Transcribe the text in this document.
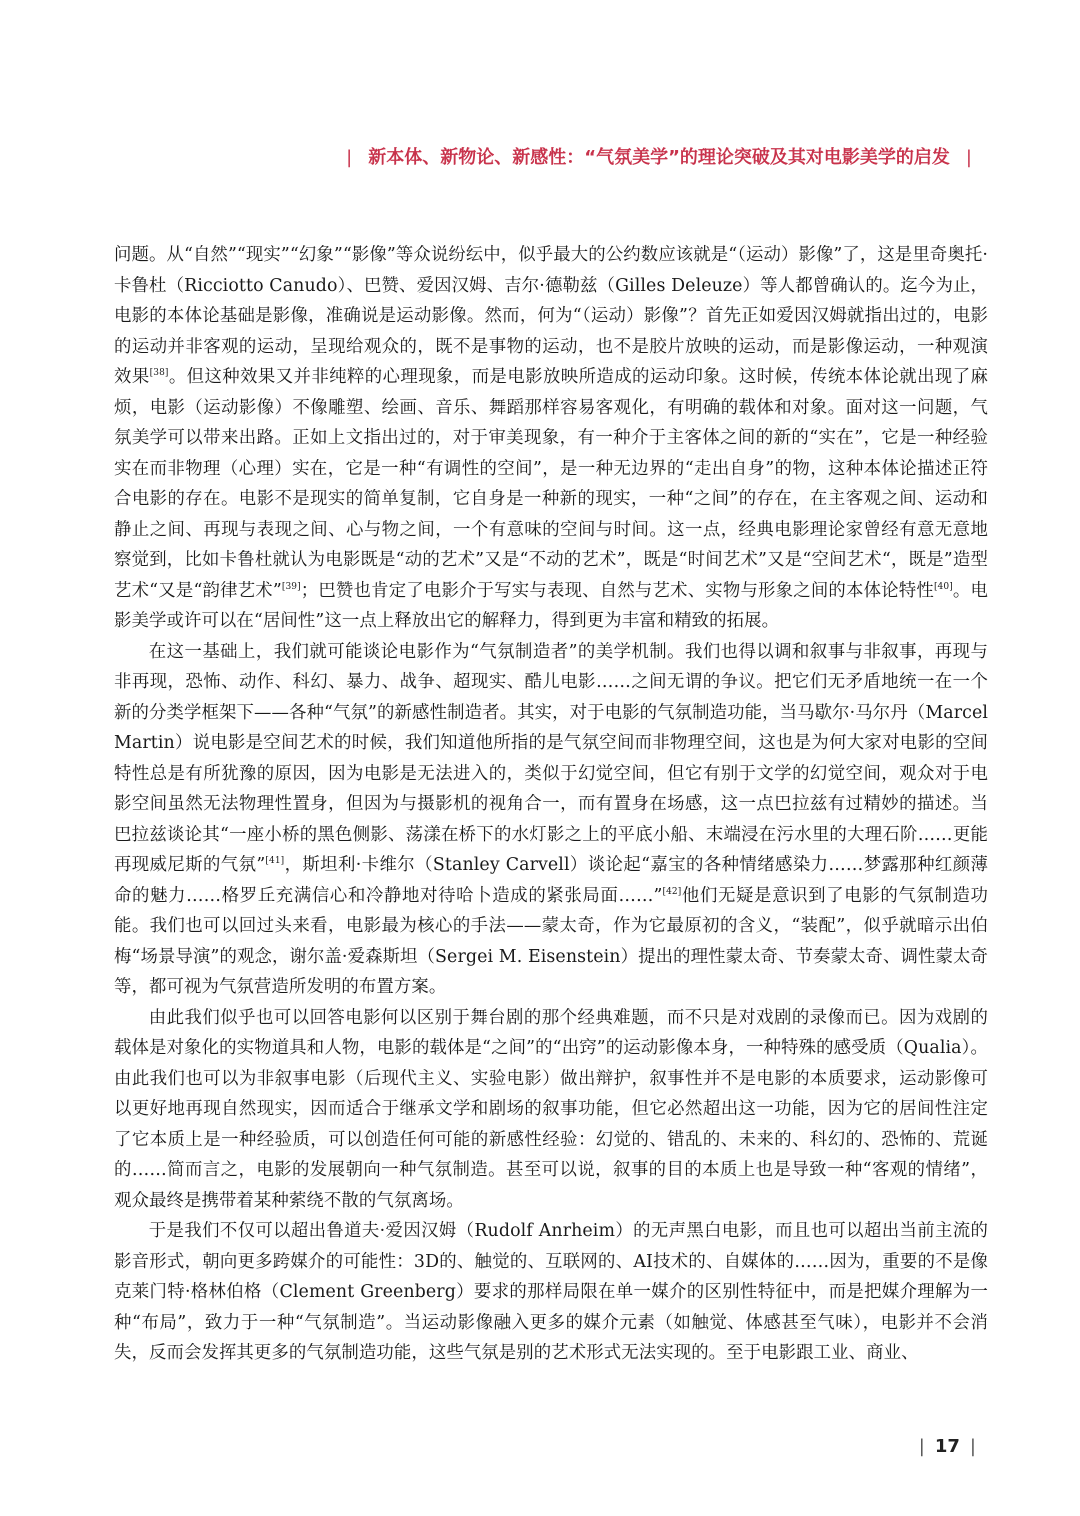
| 新本体、新物论、新感性：“气氛美学”的理论突破及其对电影美学的启发 |

问题。从“自然”“现实”“幻象”“影像”等众说纷纭中，似乎最大的公约数应该就是“（运动）影像”了，这是里奇奥托·卡鲁杜（Ricciotto Canudo）、巴赞、爱因汉姆、吉尔·德勒兹（Gilles Deleuze）等人都曾确认的。迄今为止，电影的本体论基础是影像，准确说是运动影像。然而，何为“（运动）影像”？首先正如爱因汉姆就指出过的，电影的运动并非客观的运动，呈现给观众的，既不是事物的运动，也不是胶片放映的运动，而是影像运动，一种观演效果[38]。但这种效果又并非纯粹的心理现象，而是电影放映所造成的运动印象。这时候，传统本体论就出现了麻烦，电影（运动影像）不像雕塑、绘画、音乐、舞蹈那样容易客观化，有明确的载体和对象。面对这一问题，气氛美学可以带来出路。正如上文指出过的，对于审美现象，有一种介于主客体之间的新的“实在”，它是一种经验实在而非物理（心理）实在，它是一种“有调性的空间”，是一种无边界的“走出自身”的物，这种本体论描述正符合电影的存在。电影不是现实的简单复制，它自身是一种新的现实，一种“之间”的存在，在主客观之间、运动和静止之间、再现与表现之间、心与物之间，一个有意味的空间与时间。这一点，经典电影理论家曾经有意无意地察觉到，比如卡鲁杜就认为电影既是“动的艺术”又是“不动的艺术”，既是“时间艺术”又是“空间艺术“，既是”造型艺术“又是“韵律艺术”[39]；巴赞也肯定了电影介于写实与表现、自然与艺术、实物与形象之间的本体论特性[40]。电影美学或许可以在“居间性”这一点上释放出它的解释力，得到更为丰富和精致的拓展。

在这一基础上，我们就可能谈论电影作为“气氛制造者”的美学机制。我们也得以调和叙事与非叙事，再现与非再现，恐怖、动作、科幻、暴力、战争、超现实、酷儿电影……之间无谓的争议。把它们无矛盾地统一在一个新的分类学框架下——各种“气氛”的新感性制造者。其实，对于电影的气氛制造功能，当马歇尔·马尔丹（Marcel Martin）说电影是空间艺术的时候，我们知道他所指的是气氛空间而非物理空间，这也是为何大家对电影的空间特性总是有所犹豫的原因，因为电影是无法进入的，类似于幻觉空间，但它有别于文学的幻觉空间，观众对于电影空间虽然无法物理性置身，但因为与摄影机的视角合一，而有置身在场感，这一点巴拉兹有过精妙的描述。当巴拉兹谈论其“一座小桥的黑色侧影、荡漾在桥下的水灯影之上的平底小船、末端浸在污水里的大理石阶……更能再现威尼斯的气氛”[41]，斯坦利·卡维尔（Stanley Carvell）谈论起“嘉宝的各种情绪感染力……梦露那种红颜薄命的魅力……格罗丘充满信心和冷静地对待哈卜造成的紧张局面……”[42]他们无疑是意识到了电影的气氛制造功能。我们也可以回过头来看，电影最为核心的手法——蒙太奇，作为它最原初的含义，“装配”，似乎就暗示出伯梅“场景导演”的观念，谢尔盖·爱森斯坦（Sergei M. Eisenstein）提出的理性蒙太奇、节奏蒙太奇、调性蒙太奇等，都可视为气氛营造所发明的布置方案。

由此我们似乎也可以回答电影何以区别于舞台剧的那个经典难题，而不只是对戏剧的录像而已。因为戏剧的载体是对象化的实物道具和人物，电影的载体是“之间”的“出窍”的运动影像本身，一种特殊的感受质（Qualia）。由此我们也可以为非叙事电影（后现代主义、实验电影）做出辩护，叙事性并不是电影的本质要求，运动影像可以更好地再现自然现实，因而适合于继承文学和剧场的叙事功能，但它必然超出这一功能，因为它的居间性注定了它本质上是一种经验质，可以创造任何可能的新感性经验：幻觉的、错乱的、未来的、科幻的、恐怖的、荒诞的……简而言之，电影的发展朝向一种气氛制造。甚至可以说，叙事的目的本质上也是导致一种“客观的情绪”，观众最终是携带着某种萦绕不散的气氛离场。

于是我们不仅可以超出鲁道夫·爱因汉姆（Rudolf Anrheim）的无声黑白电影，而且也可以超出当前主流的影音形式，朝向更多跨媒介的可能性：3D的、触觉的、互联网的、AI技术的、自媒体的……因为，重要的不是像克莱门特·格林伯格（Clement Greenberg）要求的那样局限在单一媒介的区别性特征中，而是把媒介理解为一种“布局”，致力于一种“气氛制造”。当运动影像融入更多的媒介元素（如触觉、体感甚至气味），电影并不会消失，反而会发挥其更多的气氛制造功能，这些气氛是别的艺术形式无法实现的。至于电影跟工业、商业、

| 17 |
